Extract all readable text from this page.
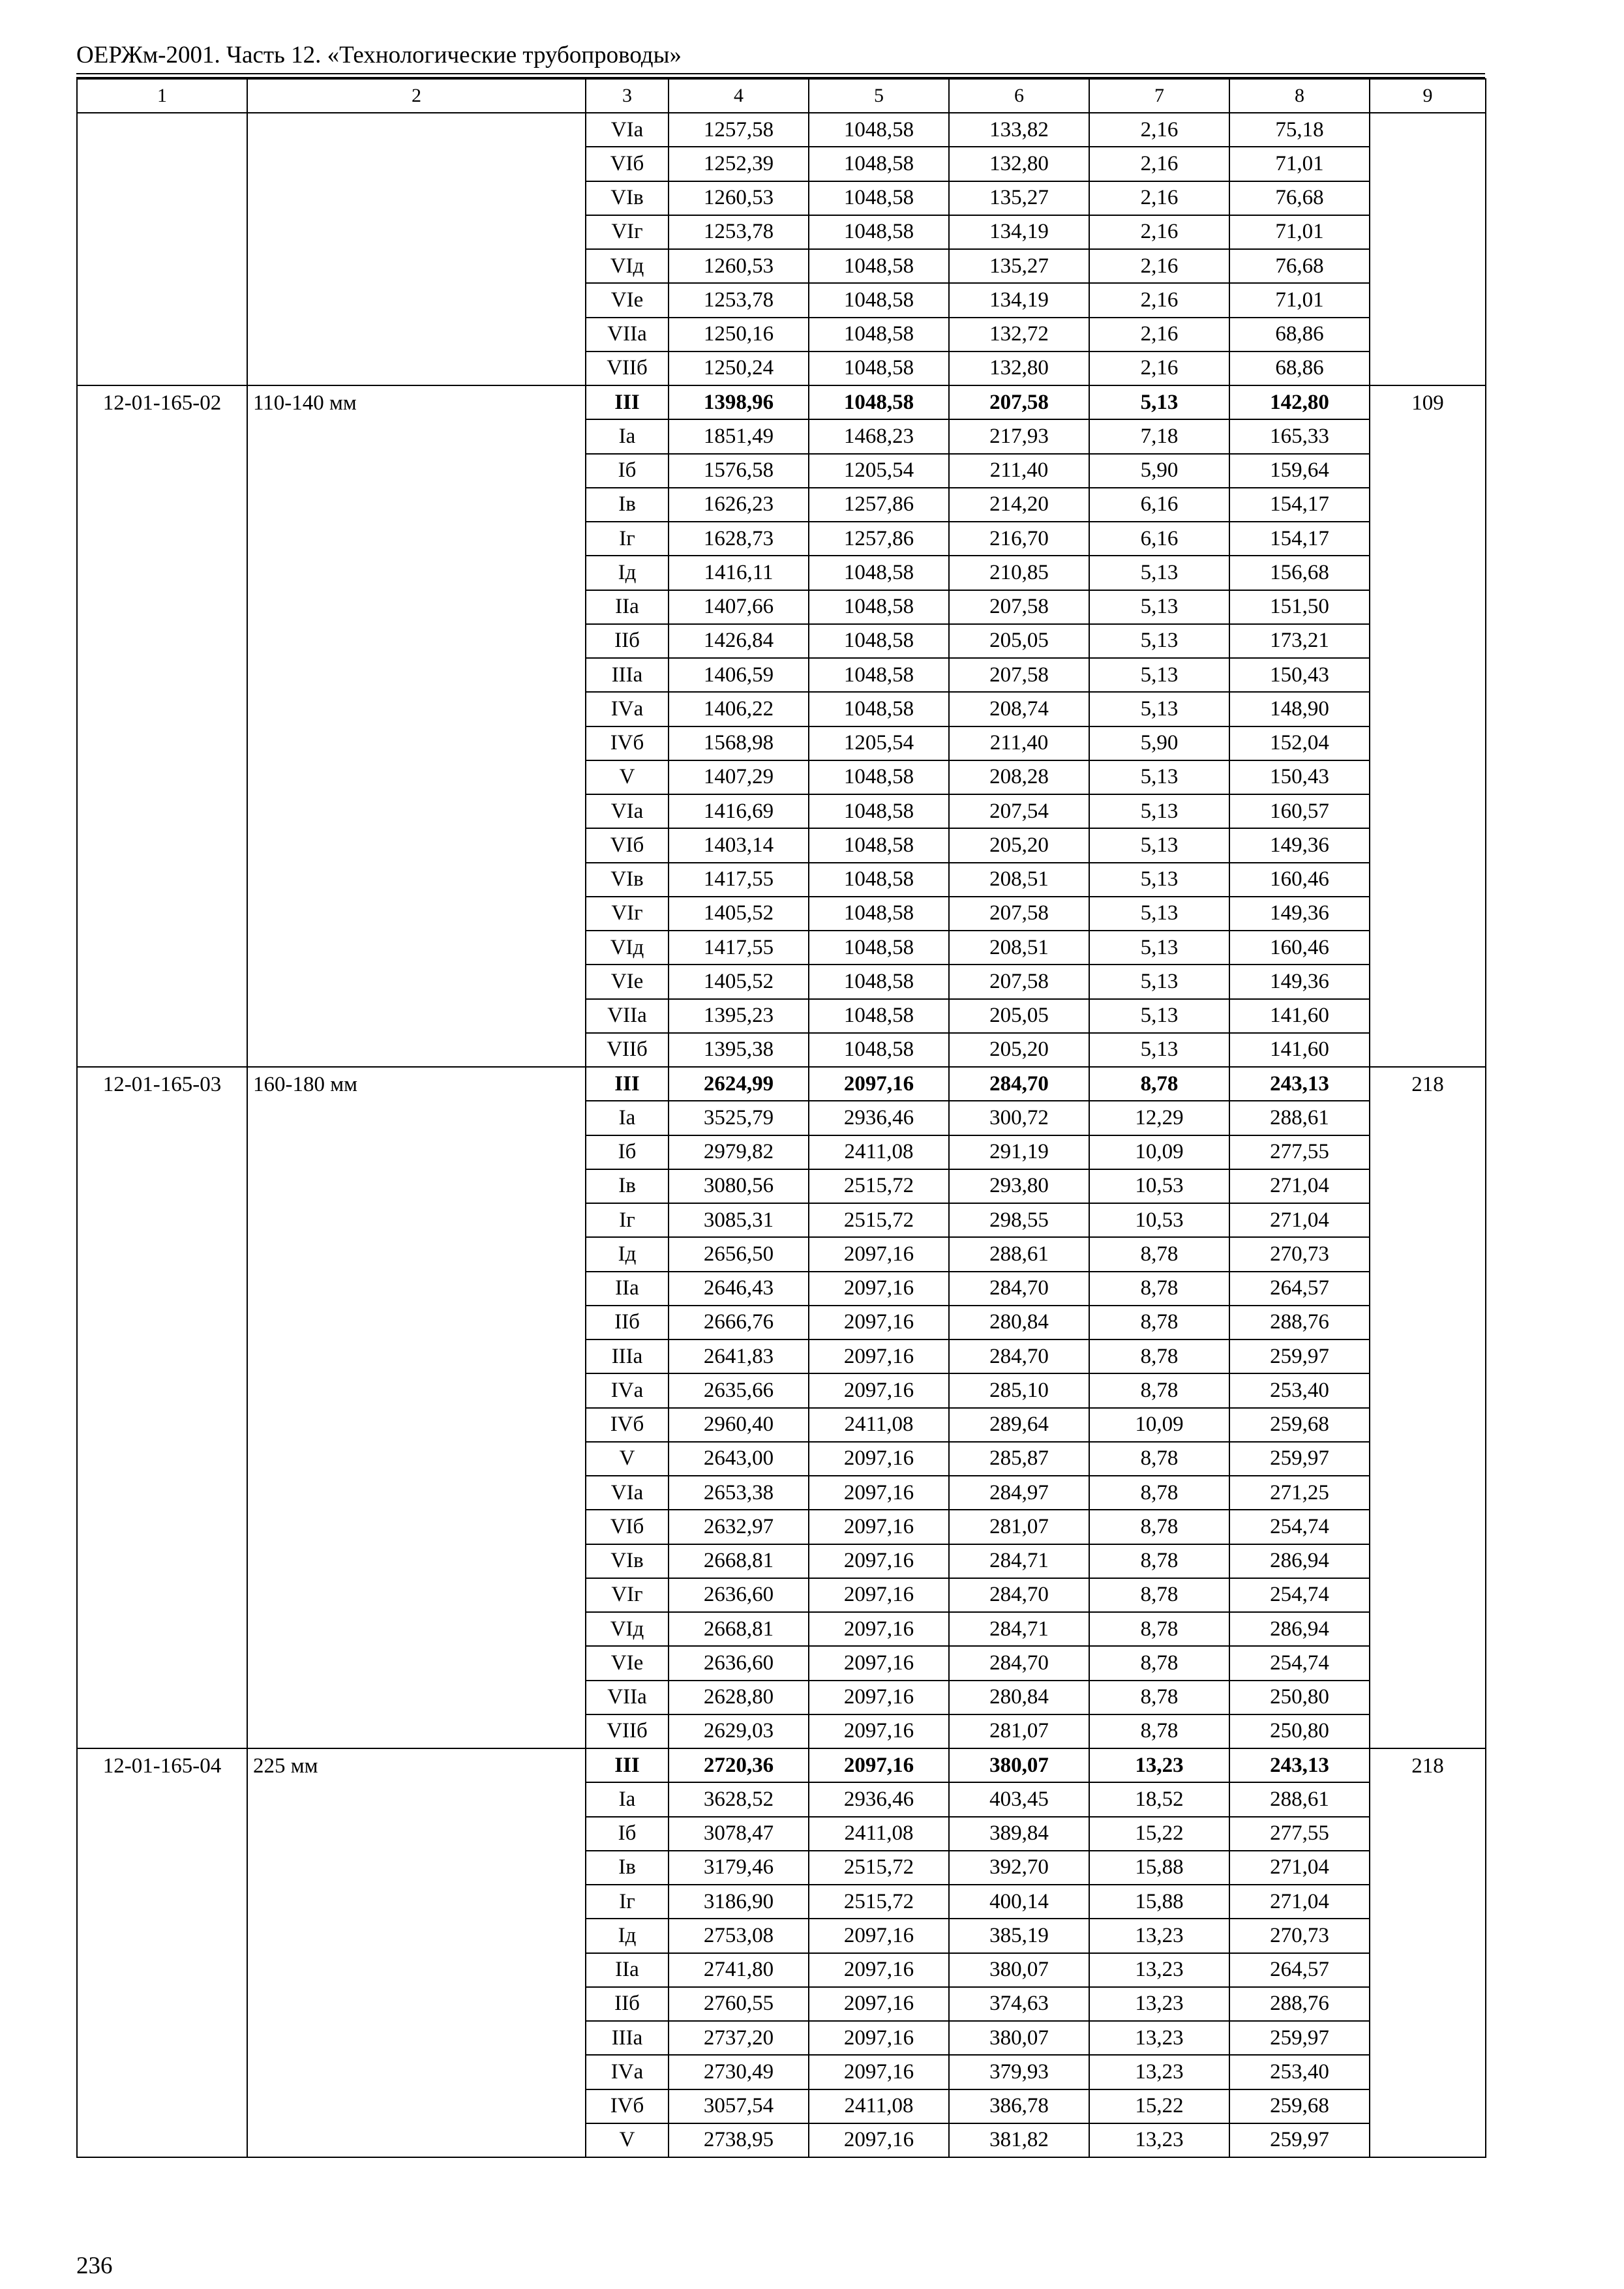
ОЕРЖм-2001. Часть 12. «Технологические трубопроводы»
1	2	3	4	5	6	7	8	9
		VIа	1257,58	1048,58	133,82	2,16	75,18	
		VIб	1252,39	1048,58	132,80	2,16	71,01	
		VIв	1260,53	1048,58	135,27	2,16	76,68	
		VIг	1253,78	1048,58	134,19	2,16	71,01	
		VIд	1260,53	1048,58	135,27	2,16	76,68	
		VIе	1253,78	1048,58	134,19	2,16	71,01	
		VIIа	1250,16	1048,58	132,72	2,16	68,86	
		VIIб	1250,24	1048,58	132,80	2,16	68,86	
12-01-165-02	110-140 мм	III	1398,96	1048,58	207,58	5,13	142,80	109
		Iа	1851,49	1468,23	217,93	7,18	165,33	
		Iб	1576,58	1205,54	211,40	5,90	159,64	
		Iв	1626,23	1257,86	214,20	6,16	154,17	
		Iг	1628,73	1257,86	216,70	6,16	154,17	
		Iд	1416,11	1048,58	210,85	5,13	156,68	
		IIа	1407,66	1048,58	207,58	5,13	151,50	
		IIб	1426,84	1048,58	205,05	5,13	173,21	
		IIIа	1406,59	1048,58	207,58	5,13	150,43	
		IVа	1406,22	1048,58	208,74	5,13	148,90	
		IVб	1568,98	1205,54	211,40	5,90	152,04	
		V	1407,29	1048,58	208,28	5,13	150,43	
		VIа	1416,69	1048,58	207,54	5,13	160,57	
		VIб	1403,14	1048,58	205,20	5,13	149,36	
		VIв	1417,55	1048,58	208,51	5,13	160,46	
		VIг	1405,52	1048,58	207,58	5,13	149,36	
		VIд	1417,55	1048,58	208,51	5,13	160,46	
		VIе	1405,52	1048,58	207,58	5,13	149,36	
		VIIа	1395,23	1048,58	205,05	5,13	141,60	
		VIIб	1395,38	1048,58	205,20	5,13	141,60	
12-01-165-03	160-180 мм	III	2624,99	2097,16	284,70	8,78	243,13	218
		Iа	3525,79	2936,46	300,72	12,29	288,61	
		Iб	2979,82	2411,08	291,19	10,09	277,55	
		Iв	3080,56	2515,72	293,80	10,53	271,04	
		Iг	3085,31	2515,72	298,55	10,53	271,04	
		Iд	2656,50	2097,16	288,61	8,78	270,73	
		IIа	2646,43	2097,16	284,70	8,78	264,57	
		IIб	2666,76	2097,16	280,84	8,78	288,76	
		IIIа	2641,83	2097,16	284,70	8,78	259,97	
		IVа	2635,66	2097,16	285,10	8,78	253,40	
		IVб	2960,40	2411,08	289,64	10,09	259,68	
		V	2643,00	2097,16	285,87	8,78	259,97	
		VIа	2653,38	2097,16	284,97	8,78	271,25	
		VIб	2632,97	2097,16	281,07	8,78	254,74	
		VIв	2668,81	2097,16	284,71	8,78	286,94	
		VIг	2636,60	2097,16	284,70	8,78	254,74	
		VIд	2668,81	2097,16	284,71	8,78	286,94	
		VIе	2636,60	2097,16	284,70	8,78	254,74	
		VIIа	2628,80	2097,16	280,84	8,78	250,80	
		VIIб	2629,03	2097,16	281,07	8,78	250,80	
12-01-165-04	225 мм	III	2720,36	2097,16	380,07	13,23	243,13	218
		Iа	3628,52	2936,46	403,45	18,52	288,61	
		Iб	3078,47	2411,08	389,84	15,22	277,55	
		Iв	3179,46	2515,72	392,70	15,88	271,04	
		Iг	3186,90	2515,72	400,14	15,88	271,04	
		Iд	2753,08	2097,16	385,19	13,23	270,73	
		IIа	2741,80	2097,16	380,07	13,23	264,57	
		IIб	2760,55	2097,16	374,63	13,23	288,76	
		IIIа	2737,20	2097,16	380,07	13,23	259,97	
		IVа	2730,49	2097,16	379,93	13,23	253,40	
		IVб	3057,54	2411,08	386,78	15,22	259,68	
		V	2738,95	2097,16	381,82	13,23	259,97	
236
